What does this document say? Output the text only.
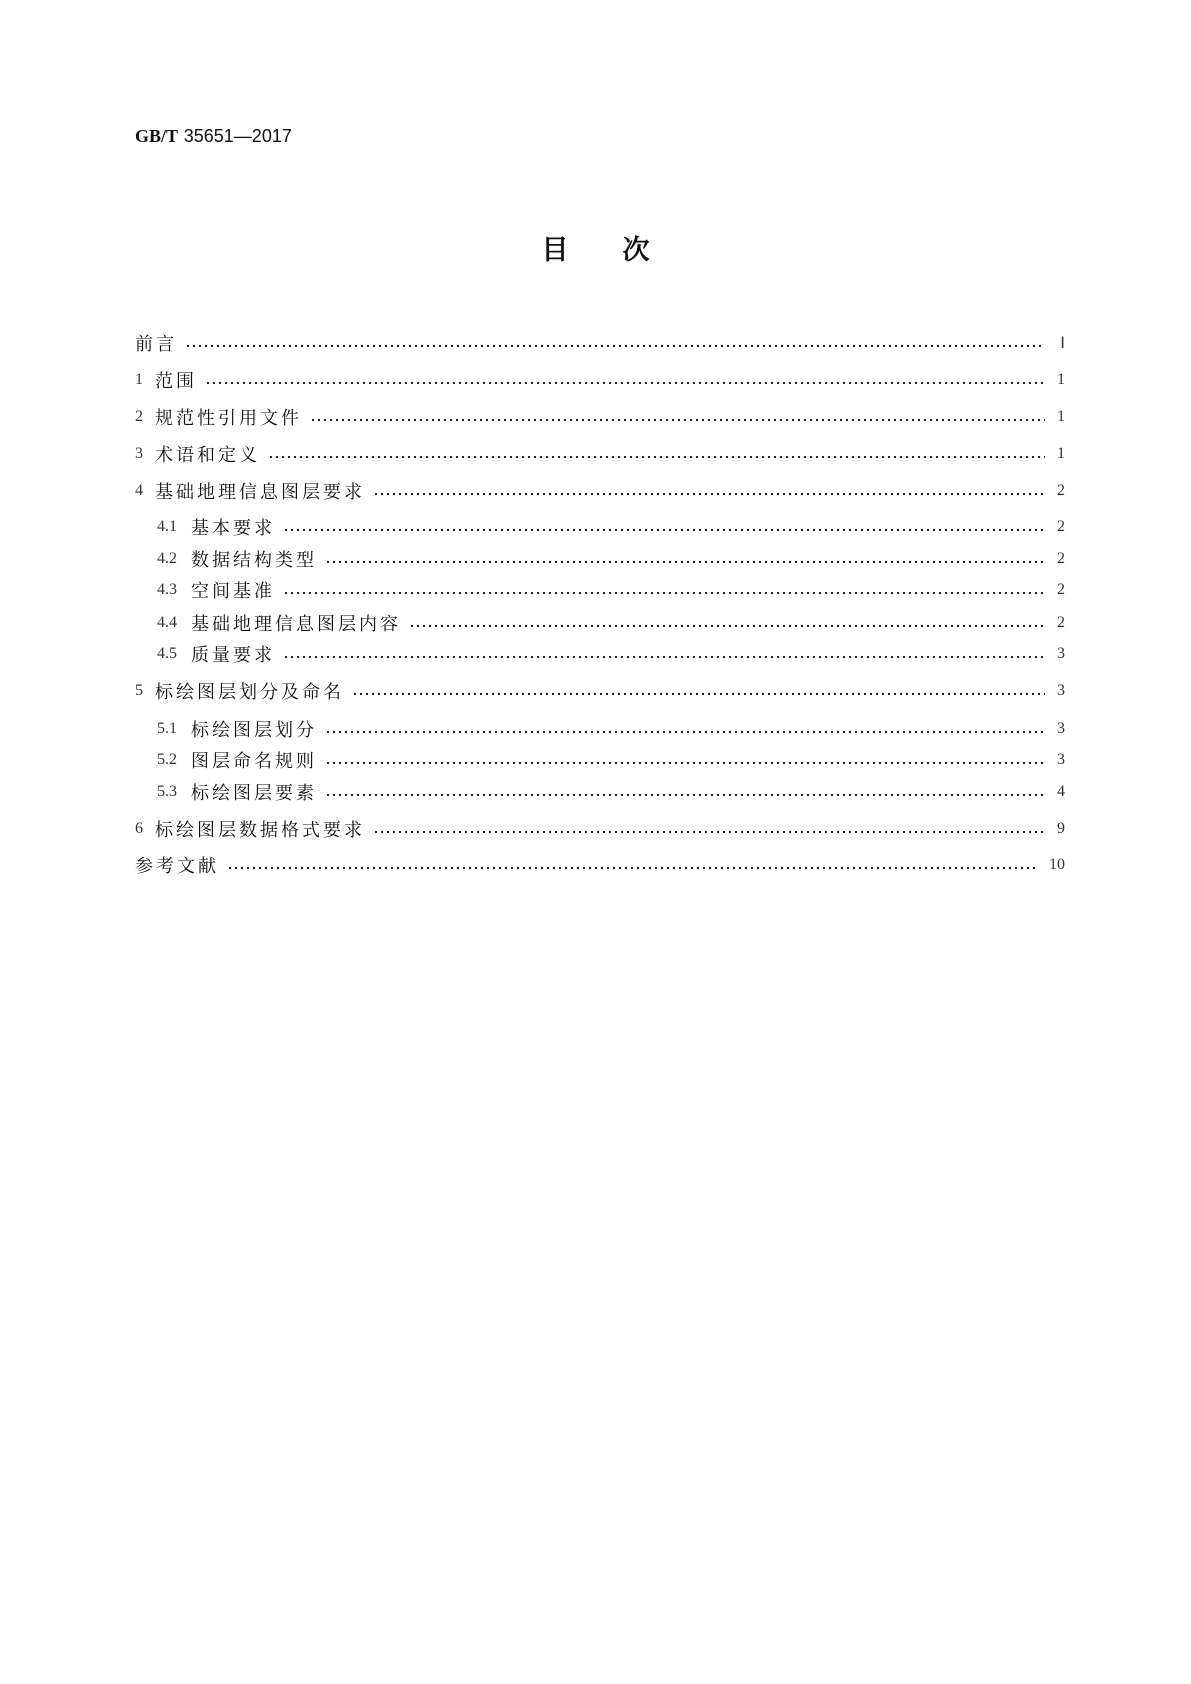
GB/T 35651—2017
目次
前言	Ⅰ
1 范围	1
2 规范性引用文件	1
3 术语和定义	1
4 基础地理信息图层要求	2
4.1 基本要求	2
4.2 数据结构类型	2
4.3 空间基准	2
4.4 基础地理信息图层内容	2
4.5 质量要求	3
5 标绘图层划分及命名	3
5.1 标绘图层划分	3
5.2 图层命名规则	3
5.3 标绘图层要素	4
6 标绘图层数据格式要求	9
参考文献	10
